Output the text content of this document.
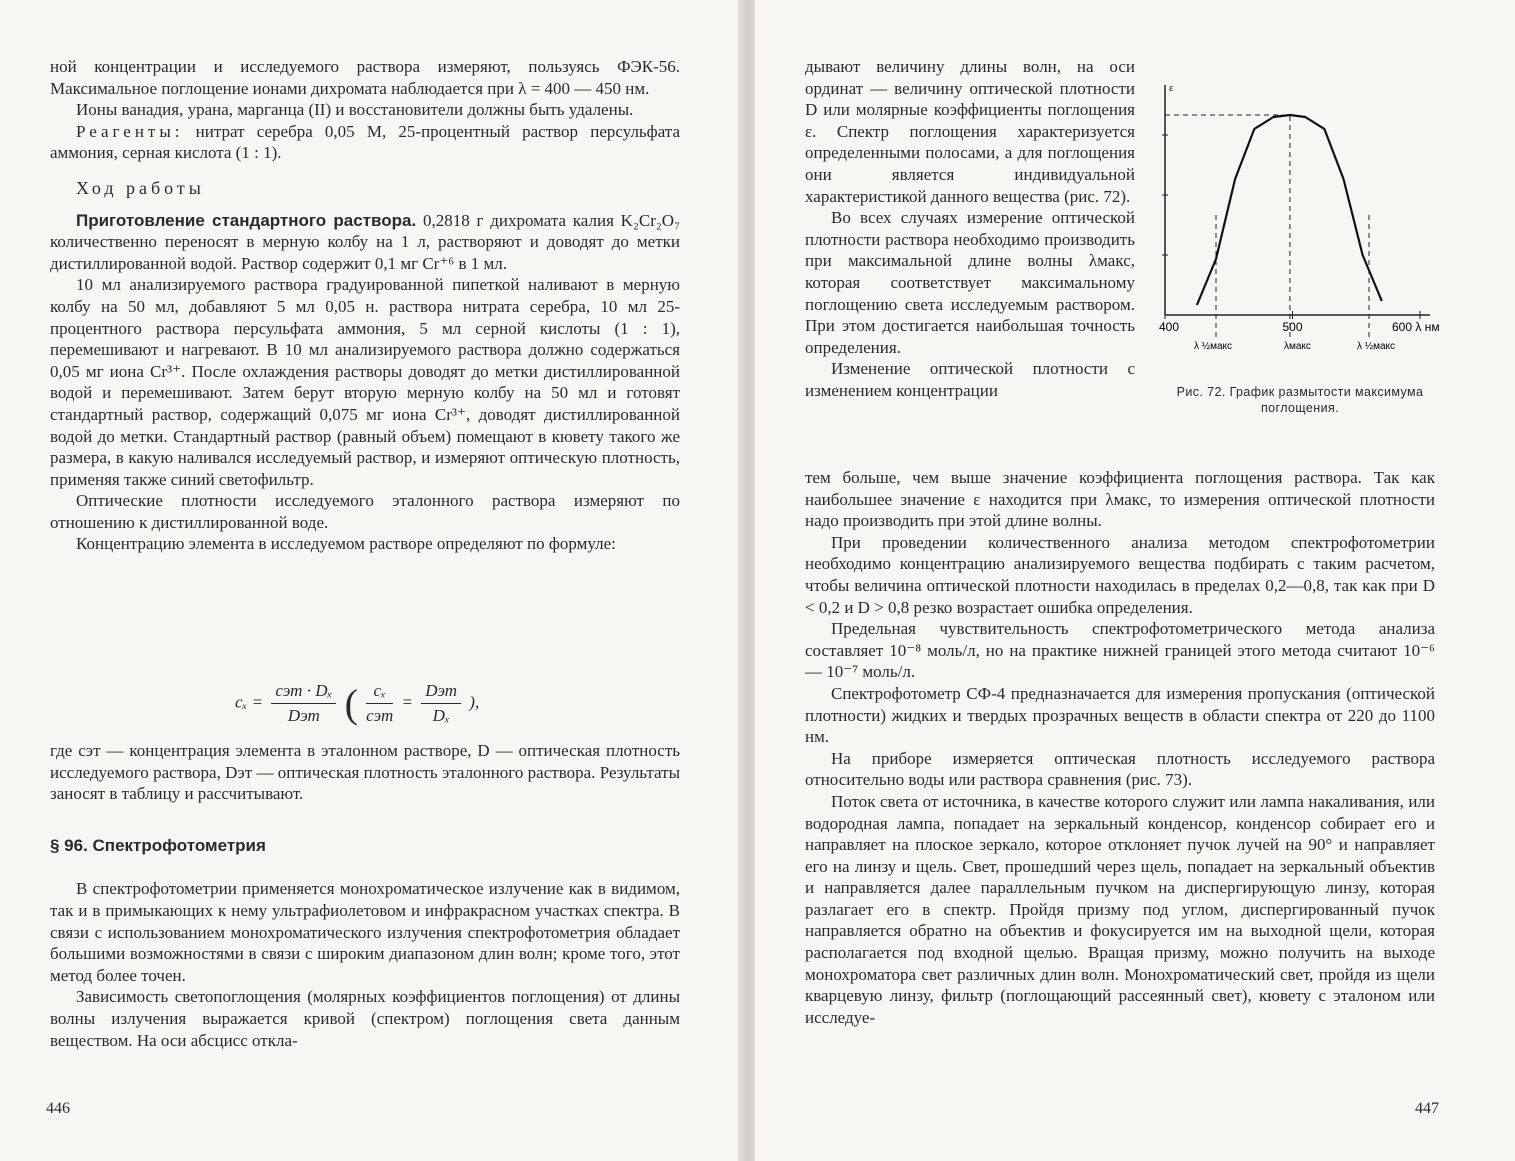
ной концентрации и исследуемого раствора измеряют, пользуясь ФЭК-56. Максимальное поглощение ионами дихромата наблюдается при λ = 400 — 450 нм.

Ионы ванадия, урана, марганца (II) и восстановители должны быть удалены.

Реагенты: нитрат серебра 0,05 М, 25-процентный раствор персульфата аммония, серная кислота (1 : 1).

Ход работы

Приготовление стандартного раствора. 0,2818 г дихромата калия K₂Cr₂O₇ количественно переносят в мерную колбу на 1 л, растворяют и доводят до метки дистиллированной водой. Раствор содержит 0,1 мг Cr⁺⁶ в 1 мл.

10 мл анализируемого раствора градуированной пипеткой наливают в мерную колбу на 50 мл, добавляют 5 мл 0,05 н. раствора нитрата серебра, 10 мл 25-процентного раствора персульфата аммония, 5 мл серной кислоты (1 : 1), перемешивают и нагревают. В 10 мл анализируемого раствора должно содержаться 0,05 мг иона Cr³⁺. После охлаждения растворы доводят до метки дистиллированной водой и перемешивают. Затем берут вторую мерную колбу на 50 мл и готовят стандартный раствор, содержащий 0,075 мг иона Cr³⁺, доводят дистиллированной водой до метки. Стандартный раствор (равный объем) помещают в кювету такого же размера, в какую наливался исследуемый раствор, и измеряют оптическую плотность, применяя также синий светофильтр.

Оптические плотности исследуемого эталонного раствора измеряют по отношению к дистиллированной воде.

Концентрацию элемента в исследуемом растворе определяют по формуле:

$c_x = \frac{\text{cэт · Dₓ}}{\text{Dэт}}$ ( $\frac{\text{cₓ}}{\text{cэт}} = \frac{\text{Dэт}}{\text{Dₓ}}$ ),

где cэт — концентрация элемента в эталонном растворе, D — оптическая плотность исследуемого раствора, Dэт — оптическая плотность эталонного раствора. Результаты заносят в таблицу и рассчитывают.

§ 96. Спектрофотометрия

В спектрофотометрии применяется монохроматическое излучение как в видимом, так и в примыкающих к нему ультрафиолетовом и инфракрасном участках спектра. В связи с использованием монохроматического излучения спектрофотометрия обладает большими возможностями в связи с широким диапазоном длин волн; кроме того, этот метод более точен.

Зависимость светопоглощения (молярных коэффициентов поглощения) от длины волны излучения выражается кривой (спектром) поглощения света данным веществом. На оси абсцисс откла-

446

дывают величину длины волн, на оси ординат — величину оптической плотности D или молярные коэффициенты поглощения ε. Спектр поглощения характеризуется определенными полосами, а для поглощения они является индивидуальной характеристикой данного вещества (рис. 72).

Во всех случаях измерение оптической плотности раствора необходимо производить при максимальной длине волны λмакс, которая соответствует максимальному поглощению света исследуемым раствором. При этом достигается наибольшая точность определения.

Изменение оптической плотности с изменением концентрации

ε
400	500	600 λ нм
λ ½макс	λмакс	λ ½макс
Рис. 72. График размытости максимума поглощения.

тем больше, чем выше значение коэффициента поглощения раствора. Так как наибольшее значение ε находится при λмакс, то измерения оптической плотности надо производить при этой длине волны.

При проведении количественного анализа методом спектрофотометрии необходимо концентрацию анализируемого вещества подбирать с таким расчетом, чтобы величина оптической плотности находилась в пределах 0,2—0,8, так как при D < 0,2 и D > 0,8 резко возрастает ошибка определения.

Предельная чувствительность спектрофотометрического метода анализа составляет 10⁻⁸ моль/л, но на практике нижней границей этого метода считают 10⁻⁶ — 10⁻⁷ моль/л.

Спектрофотометр СФ-4 предназначается для измерения пропускания (оптической плотности) жидких и твердых прозрачных веществ в области спектра от 220 до 1100 нм.

На приборе измеряется оптическая плотность исследуемого раствора относительно воды или раствора сравнения (рис. 73).

Поток света от источника, в качестве которого служит или лампа накаливания, или водородная лампа, попадает на зеркальный конденсор, конденсор собирает его и направляет на плоское зеркало, которое отклоняет пучок лучей на 90° и направляет его на линзу и щель. Свет, прошедший через щель, попадает на зеркальный объектив и направляется далее параллельным пучком на диспергирующую линзу, которая разлагает его в спектр. Пройдя призму под углом, диспергированный пучок направляется обратно на объектив и фокусируется им на выходной щели, которая располагается под входной щелью. Вращая призму, можно получить на выходе монохроматора свет различных длин волн. Монохроматический свет, пройдя из щели кварцевую линзу, фильтр (поглощающий рассеянный свет), кювету с эталоном или исследуе-

447
